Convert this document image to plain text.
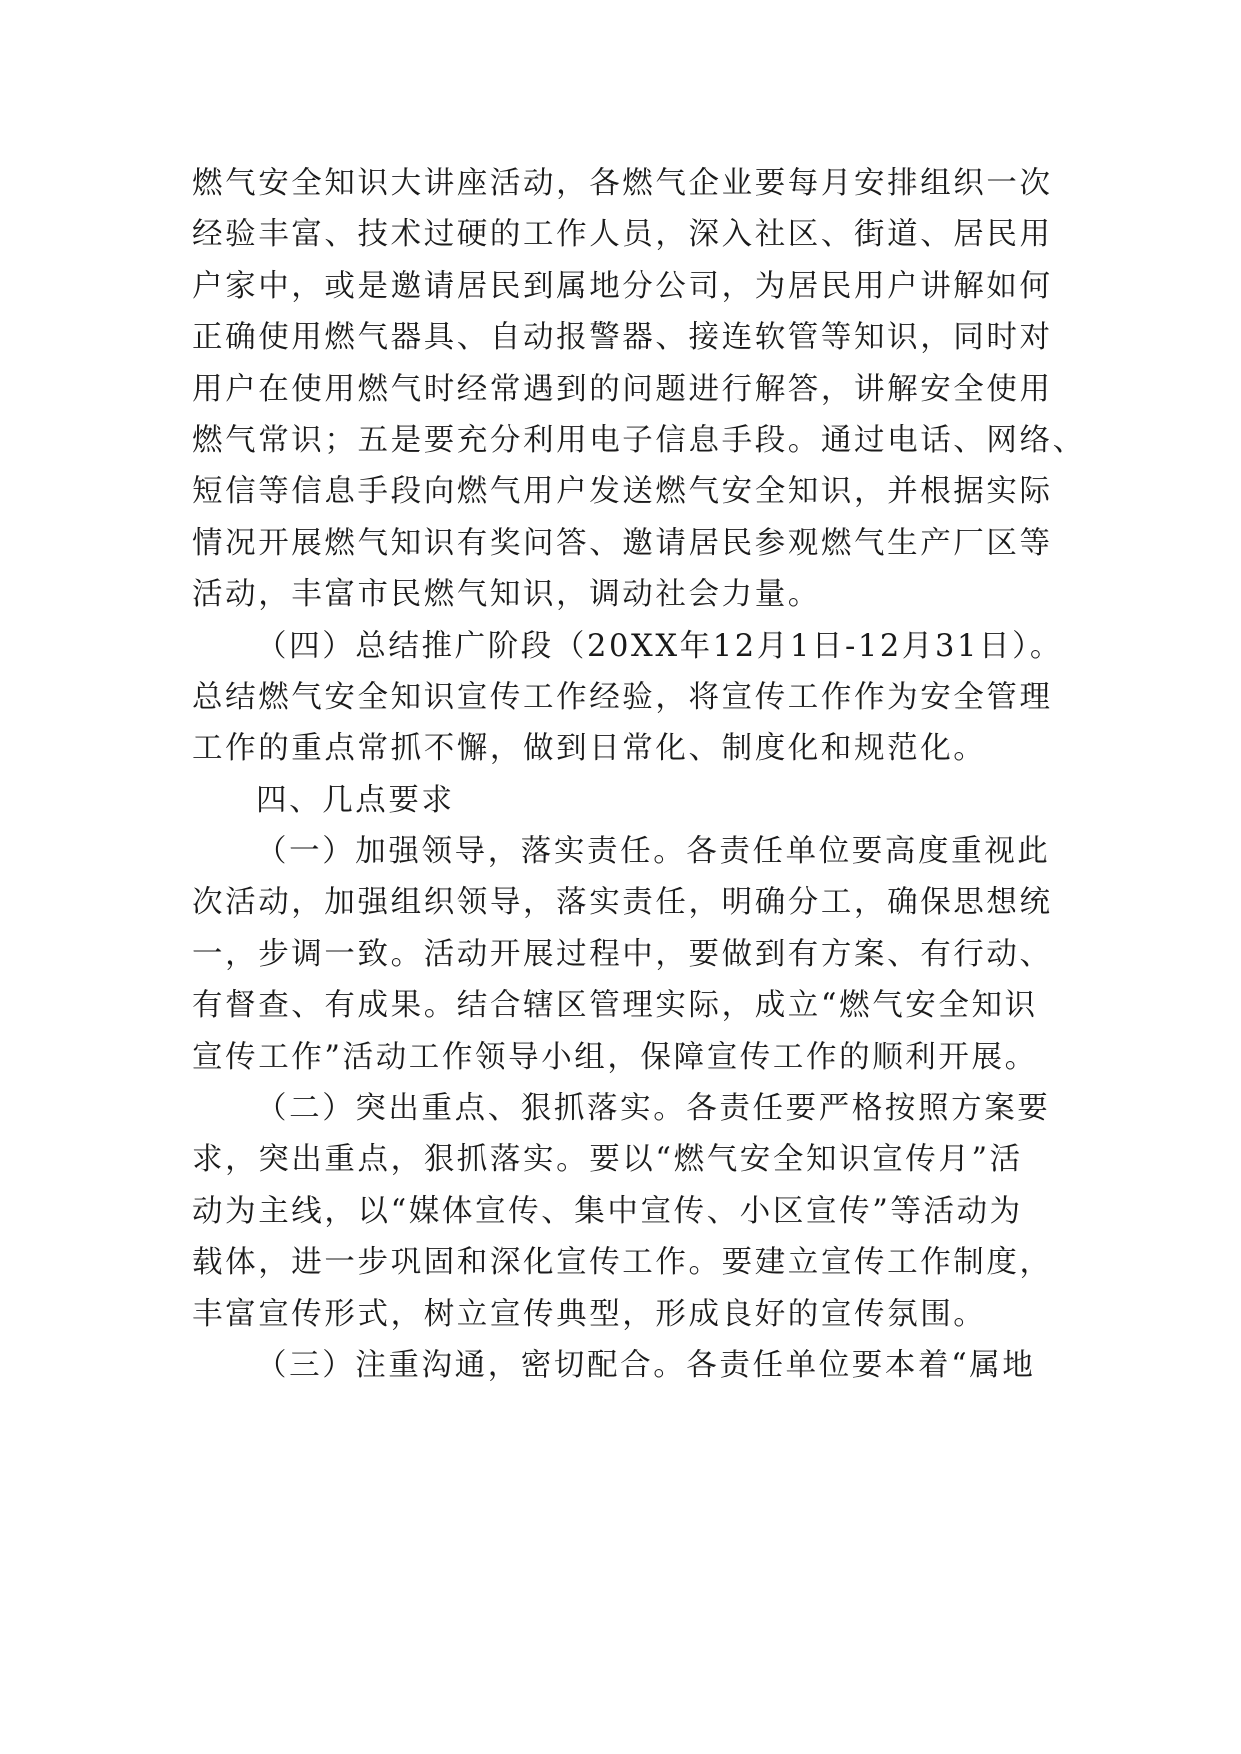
燃气安全知识大讲座活动，各燃气企业要每月安排组织一次
经验丰富、技术过硬的工作人员，深入社区、街道、居民用
户家中，或是邀请居民到属地分公司，为居民用户讲解如何
正确使用燃气器具、自动报警器、接连软管等知识，同时对
用户在使用燃气时经常遇到的问题进行解答，讲解安全使用
燃气常识；五是要充分利用电子信息手段。通过电话、网络、
短信等信息手段向燃气用户发送燃气安全知识，并根据实际
情况开展燃气知识有奖问答、邀请居民参观燃气生产厂区等
活动，丰富市民燃气知识，调动社会力量。
（四）总结推广阶段（20XX年12月1日-12月31日）。
总结燃气安全知识宣传工作经验，将宣传工作作为安全管理
工作的重点常抓不懈，做到日常化、制度化和规范化。
四、几点要求
（一）加强领导，落实责任。各责任单位要高度重视此
次活动，加强组织领导，落实责任，明确分工，确保思想统
一，步调一致。活动开展过程中，要做到有方案、有行动、
有督查、有成果。结合辖区管理实际，成立“燃气安全知识
宣传工作”活动工作领导小组，保障宣传工作的顺利开展。
（二）突出重点、狠抓落实。各责任要严格按照方案要
求，突出重点，狠抓落实。要以“燃气安全知识宣传月”活
动为主线，以“媒体宣传、集中宣传、小区宣传”等活动为
载体，进一步巩固和深化宣传工作。要建立宣传工作制度，
丰富宣传形式，树立宣传典型，形成良好的宣传氛围。
（三）注重沟通，密切配合。各责任单位要本着“属地
